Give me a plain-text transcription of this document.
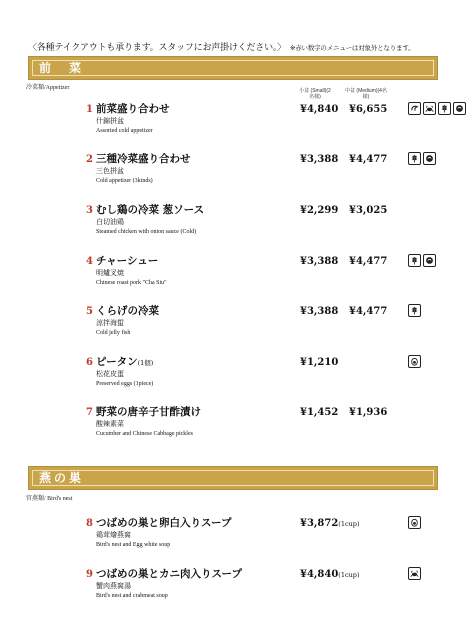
〈各種テイクアウトも承ります。スタッフにお声掛けください。〉 ※赤い数字のメニューは対象外となります。
前　菜
冷菜類/Appetizer	小盆 (Small)(2名様)
中盆 (Medium)(4名様)
1 前菜盛り合わせ
什錦拼盆
Assorted cold appetizer
¥4,840 ¥6,655
2 三種冷菜盛り合わせ
三色拼盆
Cold appetizer (3kinds)
¥3,388 ¥4,477
3 むし鶏の冷菜 葱ソース
白切油鶏
Steamed chicken with onion sauce (Cold)
¥2,299 ¥3,025
4 チャーシュー
明爐叉焼
Chinese roast pork "Cha Siu"
¥3,388 ¥4,477
5 くらげの冷菜
涼拌海蜇
Cold jelly fish
¥3,388 ¥4,477
6 ピータン(1個)
松花皮蛋
Preserved eggs (1piece)
¥1,210
7 野菜の唐辛子甘酢漬け
酸辣素菜
Cucumber and Chinese Cabbage pickles
¥1,452 ¥1,936
燕の巣
官燕類/ Bird's nest
8 つばめの巣と卵白入りスープ
鶏茸燴燕窩
Bird's nest and Egg white soup
¥3,872(1cup)
9 つばめの巣とカニ肉入りスープ
蟹肉燕窩湯
Bird's nest and crabmeat soup
¥4,840(1cup)
